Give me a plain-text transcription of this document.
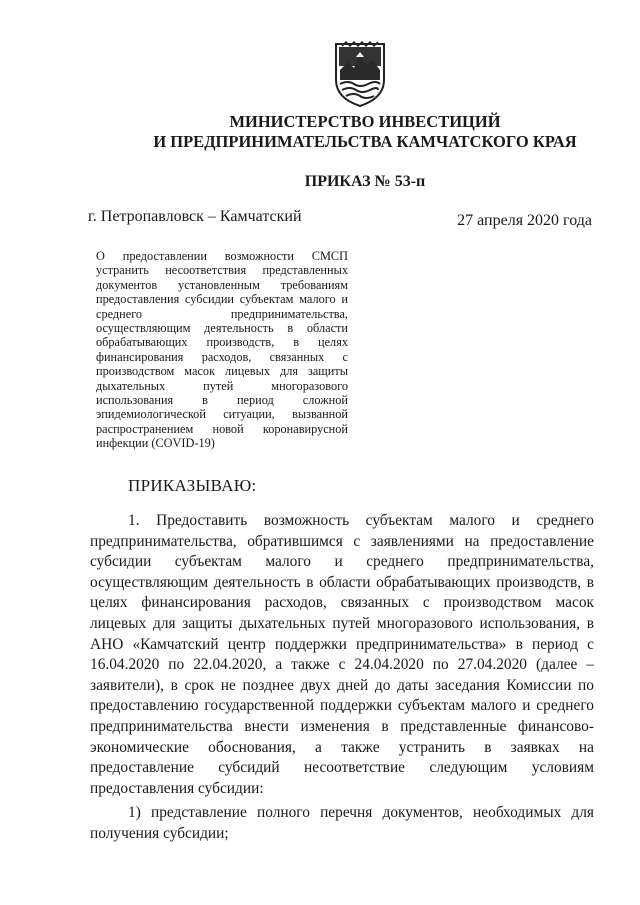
МИНИСТЕРСТВО ИНВЕСТИЦИЙ
И ПРЕДПРИНИМАТЕЛЬСТВА КАМЧАТСКОГО КРАЯ
ПРИКАЗ № 53-п
г. Петропавловск – Камчатский	27 апреля 2020 года
О предоставлении возможности СМСП устранить несоответствия представленных документов установленным требованиям предоставления субсидии субъектам малого и среднего предпринимательства, осуществляющим деятельность в области обрабатывающих производств, в целях финансирования расходов, связанных с производством масок лицевых для защиты дыхательных путей многоразового использования в период сложной эпидемиологической ситуации, вызванной распространением новой коронавирусной инфекции (COVID-19)
ПРИКАЗЫВАЮ:

1. Предоставить возможность субъектам малого и среднего предпринимательства, обратившимся с заявлениями на предоставление субсидии субъектам малого и среднего предпринимательства, осуществляющим деятельность в области обрабатывающих производств, в целях финансирования расходов, связанных с производством масок лицевых для защиты дыхательных путей многоразового использования, в АНО «Камчатский центр поддержки предпринимательства» в период с 16.04.2020 по 22.04.2020, а также с 24.04.2020 по 27.04.2020 (далее – заявители), в срок не позднее двух дней до даты заседания Комиссии по предоставлению государственной поддержки субъектам малого и среднего предпринимательства внести изменения в представленные финансово-экономические обоснования, а также устранить в заявках на предоставление субсидий несоответствие следующим условиям предоставления субсидии:

1) представление полного перечня документов, необходимых для получения субсидии;
